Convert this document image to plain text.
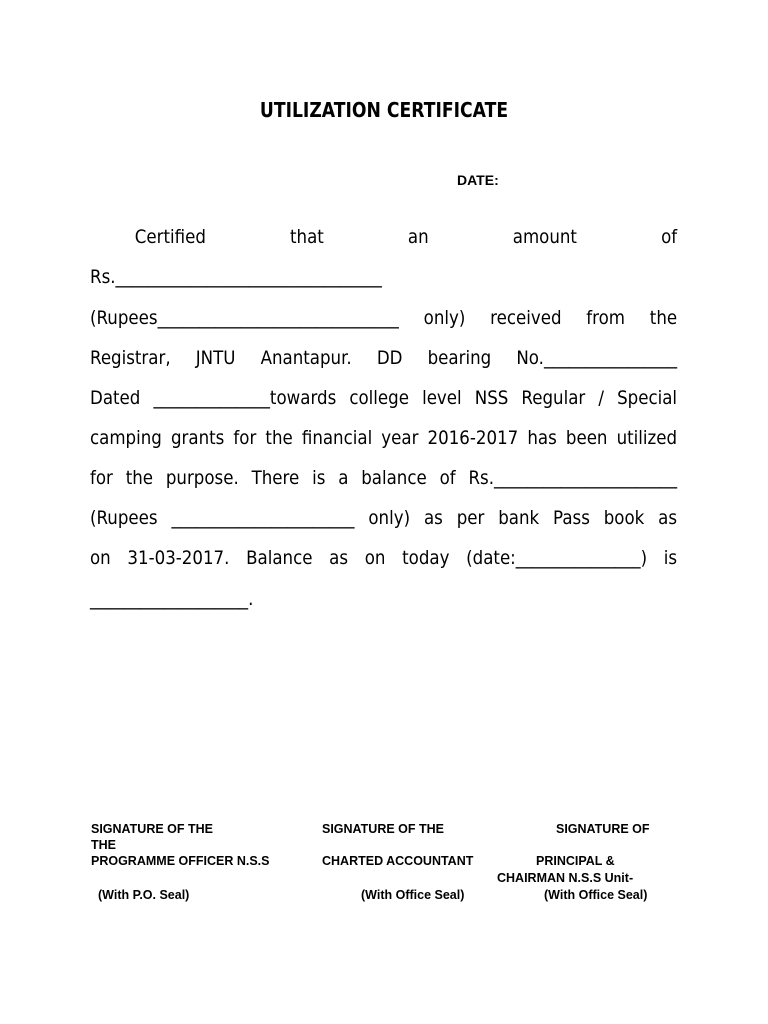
UTILIZATION CERTIFICATE
DATE:
Certified	that	an	amount	of
Rs.________________________________
(Rupees_____________________________ only) received from the
Registrar, JNTU Anantapur. DD bearing No.________________
Dated ______________towards college level NSS Regular / Special
camping grants for the financial year 2016-2017 has been utilized
for the purpose. There is a balance of Rs.______________________
(Rupees ______________________ only) as per bank Pass book as
on 31-03-2017. Balance as on today (date:_______________) is
___________________.
SIGNATURE OF THE
THE
PROGRAMME OFFICER N.S.S
(With P.O. Seal)
SIGNATURE OF THE
CHARTED ACCOUNTANT
(With Office Seal)
SIGNATURE OF
PRINCIPAL &
CHAIRMAN N.S.S Unit-
(With Office Seal)
